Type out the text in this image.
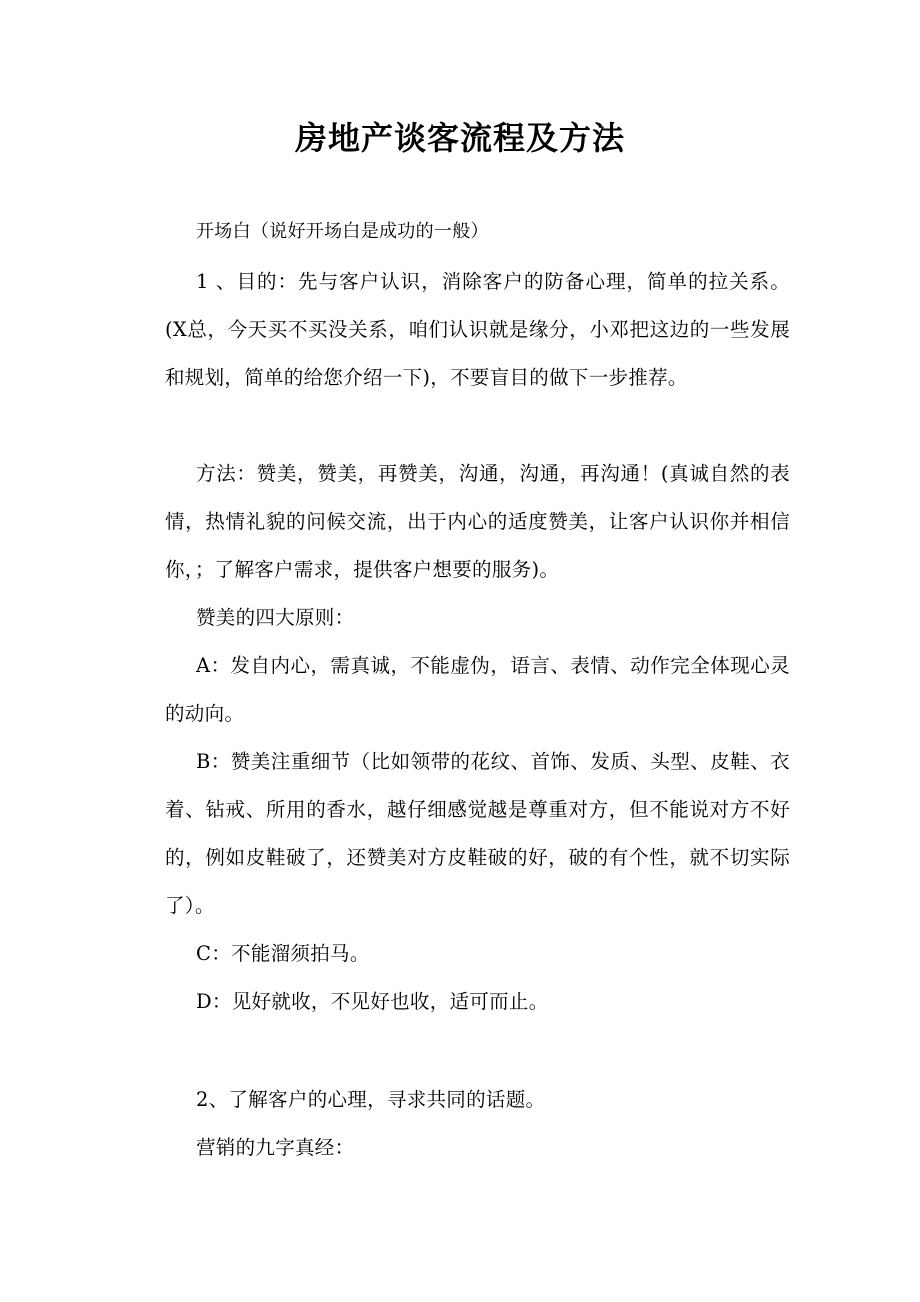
房地产谈客流程及方法

开场白（说好开场白是成功的一般）

1 、目的：先与客户认识，消除客户的防备心理，简单的拉关系。(X总，今天买不买没关系，咱们认识就是缘分，小邓把这边的一些发展和规划，简单的给您介绍一下)，不要盲目的做下一步推荐。

方法：赞美，赞美，再赞美，沟通，沟通，再沟通！(真诚自然的表情，热情礼貌的问候交流，出于内心的适度赞美，让客户认识你并相信你，；了解客户需求，提供客户想要的服务)。

赞美的四大原则：

A：发自内心，需真诚，不能虚伪，语言、表情、动作完全体现心灵的动向。

B：赞美注重细节（比如领带的花纹、首饰、发质、头型、皮鞋、衣着、钻戒、所用的香水，越仔细感觉越是尊重对方，但不能说对方不好的，例如皮鞋破了，还赞美对方皮鞋破的好，破的有个性，就不切实际了）。

C：不能溜须拍马。

D：见好就收，不见好也收，适可而止。

2、了解客户的心理，寻求共同的话题。

营销的九字真经：
